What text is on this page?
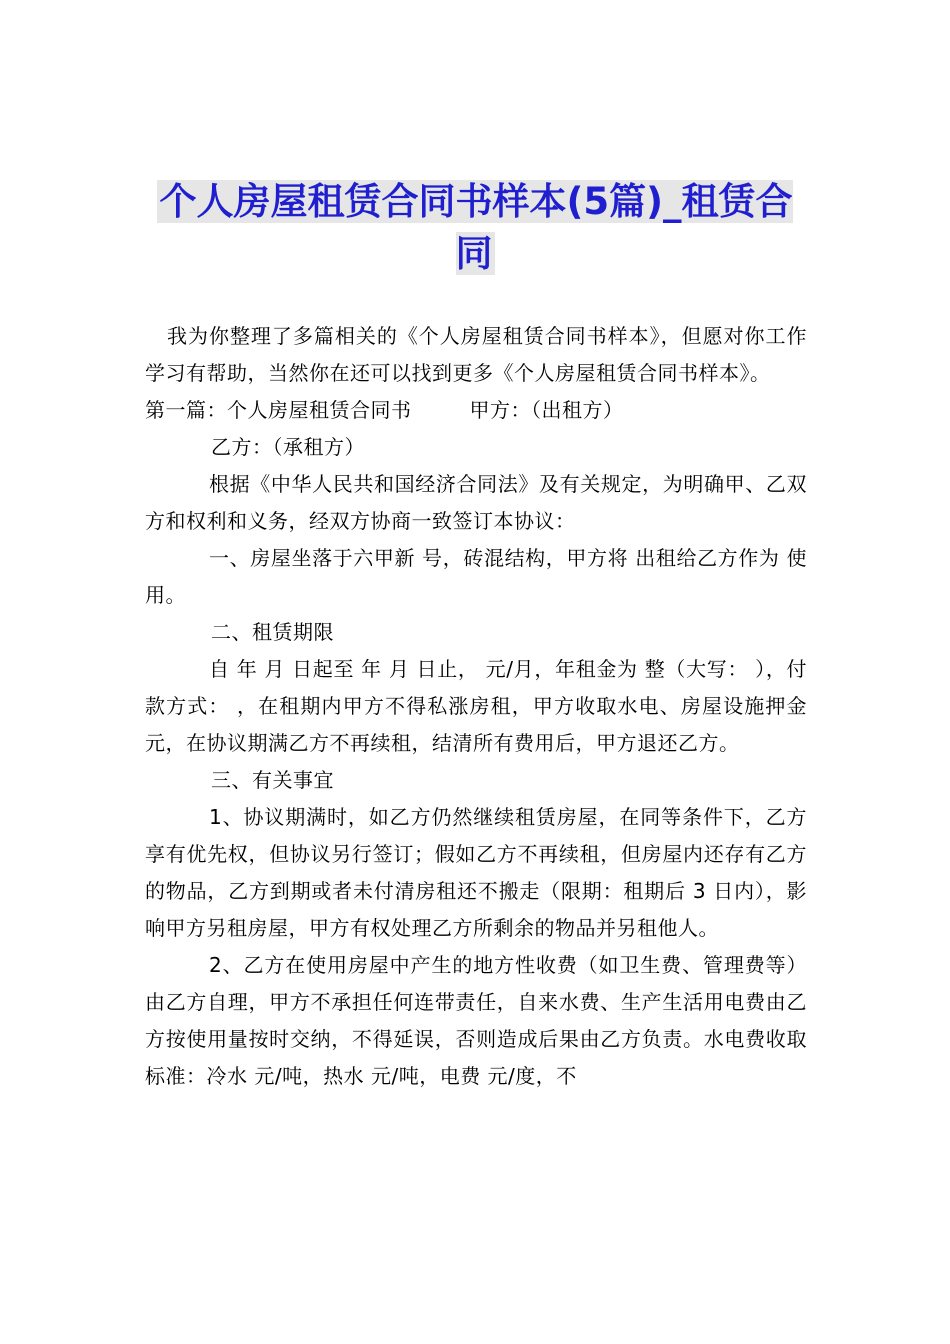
个人房屋租赁合同书样本(5篇)_租赁合同

我为你整理了多篇相关的《个人房屋租赁合同书样本》，但愿对你工作学习有帮助，当然你在还可以找到更多《个人房屋租赁合同书样本》。

第一篇：个人房屋租赁合同书	甲方：（出租方）

乙方：（承租方）

根据《中华人民共和国经济合同法》及有关规定，为明确甲、乙双方和权利和义务，经双方协商一致签订本协议：

一、房屋坐落于六甲新 号，砖混结构，甲方将 出租给乙方作为 使用。

二、租赁期限

自 年 月 日起至 年 月 日止， 元/月，年租金为 整（大写： ），付款方式： ，在租期内甲方不得私涨房租，甲方收取水电、房屋设施押金 元，在协议期满乙方不再续租，结清所有费用后，甲方退还乙方。

三、有关事宜

1、协议期满时，如乙方仍然继续租赁房屋，在同等条件下，乙方享有优先权，但协议另行签订；假如乙方不再续租，但房屋内还存有乙方的物品，乙方到期或者未付清房租还不搬走（限期：租期后 3 日内），影响甲方另租房屋，甲方有权处理乙方所剩余的物品并另租他人。

2、乙方在使用房屋中产生的地方性收费（如卫生费、管理费等）由乙方自理，甲方不承担任何连带责任，自来水费、生产生活用电费由乙方按使用量按时交纳，不得延误，否则造成后果由乙方负责。水电费收取标准：冷水 元/吨，热水 元/吨，电费 元/度，不
